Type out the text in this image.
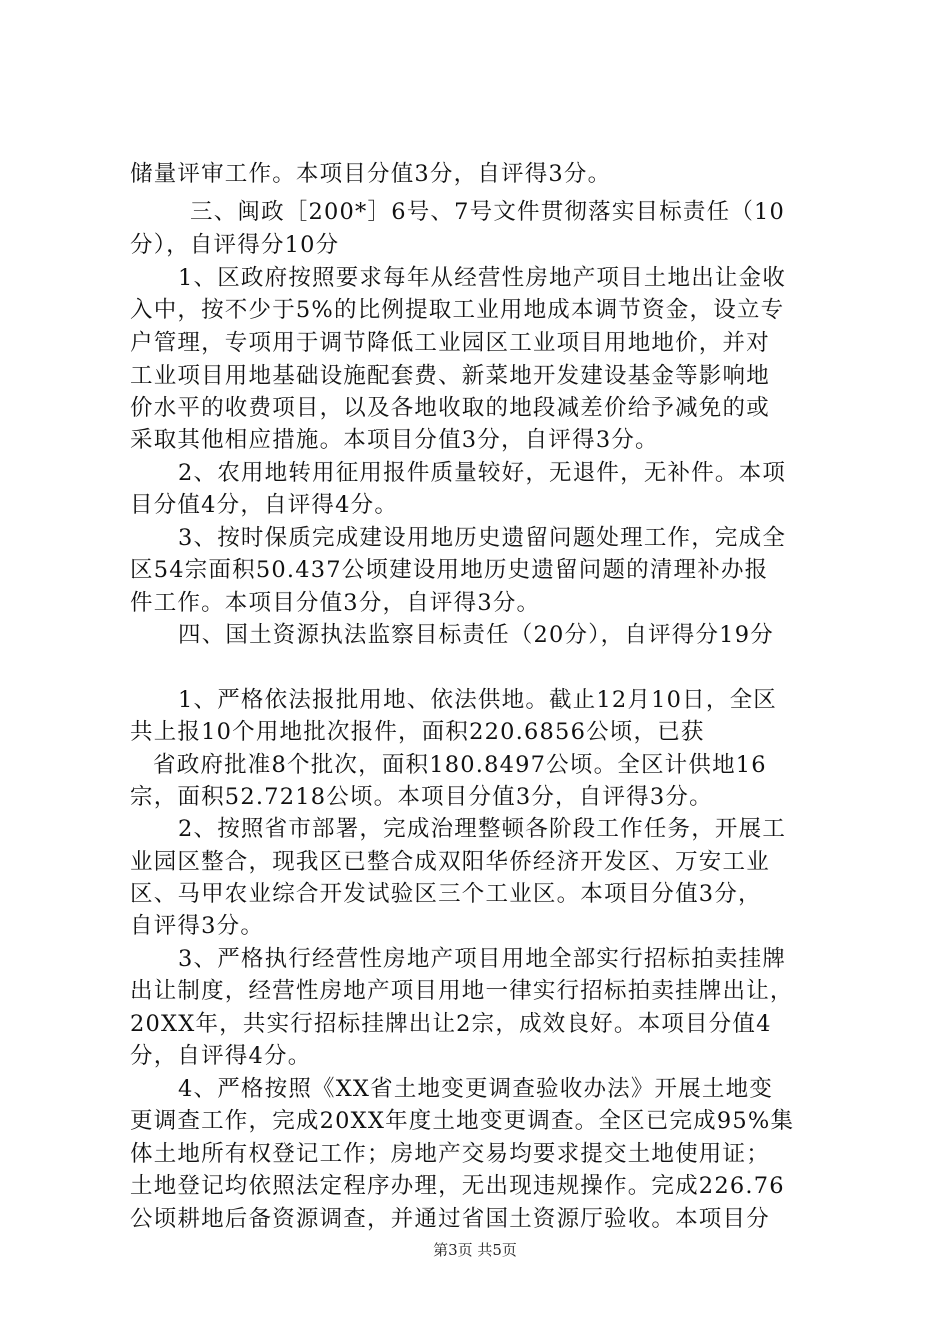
储量评审工作。本项目分值3分，自评得3分。
三、闽政［200*］6号、7号文件贯彻落实目标责任（10
分），自评得分10分
1、区政府按照要求每年从经营性房地产项目土地出让金收
入中，按不少于5%的比例提取工业用地成本调节资金，设立专
户管理，专项用于调节降低工业园区工业项目用地地价，并对
工业项目用地基础设施配套费、新菜地开发建设基金等影响地
价水平的收费项目，以及各地收取的地段减差价给予减免的或
采取其他相应措施。本项目分值3分，自评得3分。
2、农用地转用征用报件质量较好，无退件，无补件。本项
目分值4分，自评得4分。
3、按时保质完成建设用地历史遗留问题处理工作，完成全
区54宗面积50.437公顷建设用地历史遗留问题的清理补办报
件工作。本项目分值3分，自评得3分。
四、国土资源执法监察目标责任（20分），自评得分19分
1、严格依法报批用地、依法供地。截止12月10日，全区
共上报10个用地批次报件，面积220.6856公顷，已获
省政府批准8个批次，面积180.8497公顷。全区计供地16
宗，面积52.7218公顷。本项目分值3分，自评得3分。
2、按照省市部署，完成治理整顿各阶段工作任务，开展工
业园区整合，现我区已整合成双阳华侨经济开发区、万安工业
区、马甲农业综合开发试验区三个工业区。本项目分值3分，
自评得3分。
3、严格执行经营性房地产项目用地全部实行招标拍卖挂牌
出让制度，经营性房地产项目用地一律实行招标拍卖挂牌出让，
20XX年，共实行招标挂牌出让2宗，成效良好。本项目分值4
分，自评得4分。
4、严格按照《XX省土地变更调查验收办法》开展土地变
更调查工作，完成20XX年度土地变更调查。全区已完成95%集
体土地所有权登记工作；房地产交易均要求提交土地使用证；
土地登记均依照法定程序办理，无出现违规操作。完成226.76
公顷耕地后备资源调查，并通过省国土资源厅验收。本项目分
第3页 共5页
